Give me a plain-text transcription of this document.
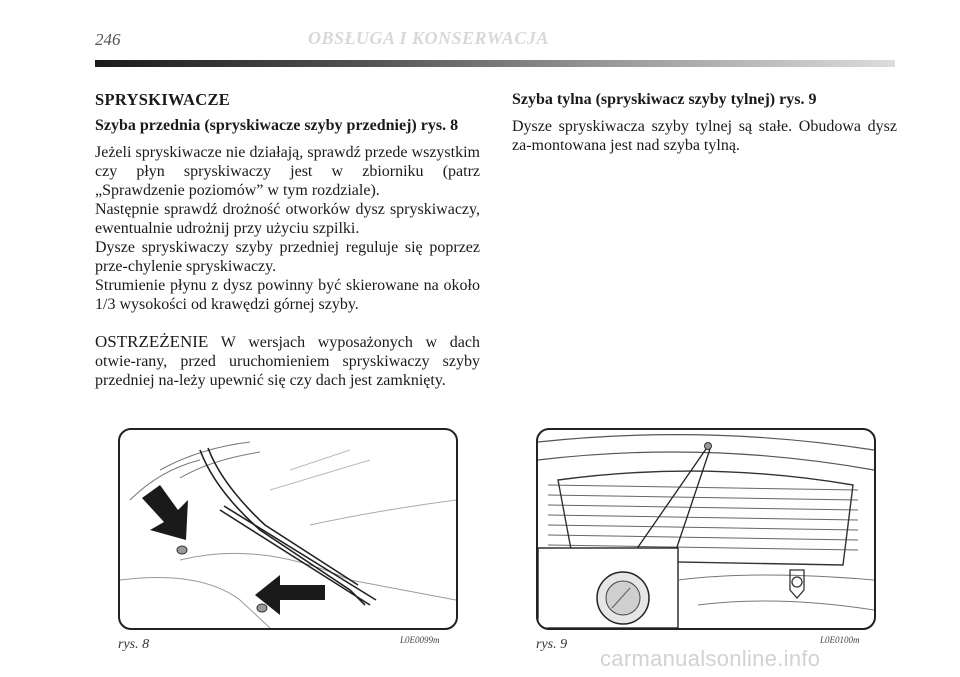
246	OBSŁUGA I KONSERWACJA
SPRYSKIWACZE
Szyba przednia (spryskiwacze szyby przedniej) rys. 8

Jeżeli spryskiwacze nie działają, sprawdź przede wszystkim czy płyn spryskiwaczy jest w zbiorniku (patrz „Sprawdzenie poziomów” w tym rozdziale).

Następnie sprawdź drożność otworków dysz spryskiwaczy, ewentualnie udrożnij przy użyciu szpilki.

Dysze spryskiwaczy szyby przedniej reguluje się poprzez prze-chylenie spryskiwaczy.

Strumienie płynu z dysz powinny być skierowane na około 1/3 wysokości od krawędzi górnej szyby.

OSTRZEŻENIE W wersjach wyposażonych w dach otwie-rany, przed uruchomieniem spryskiwaczy szyby przedniej na-leży upewnić się czy dach jest zamknięty.

Szyba tylna (spryskiwacz szyby tylnej) rys. 9

Dysze spryskiwacza szyby tylnej są stałe. Obudowa dysz za-montowana jest nad szyba tylną.

rys. 8	L0E0099m	rys. 9	L0E0100m
carmanualsonline.info
